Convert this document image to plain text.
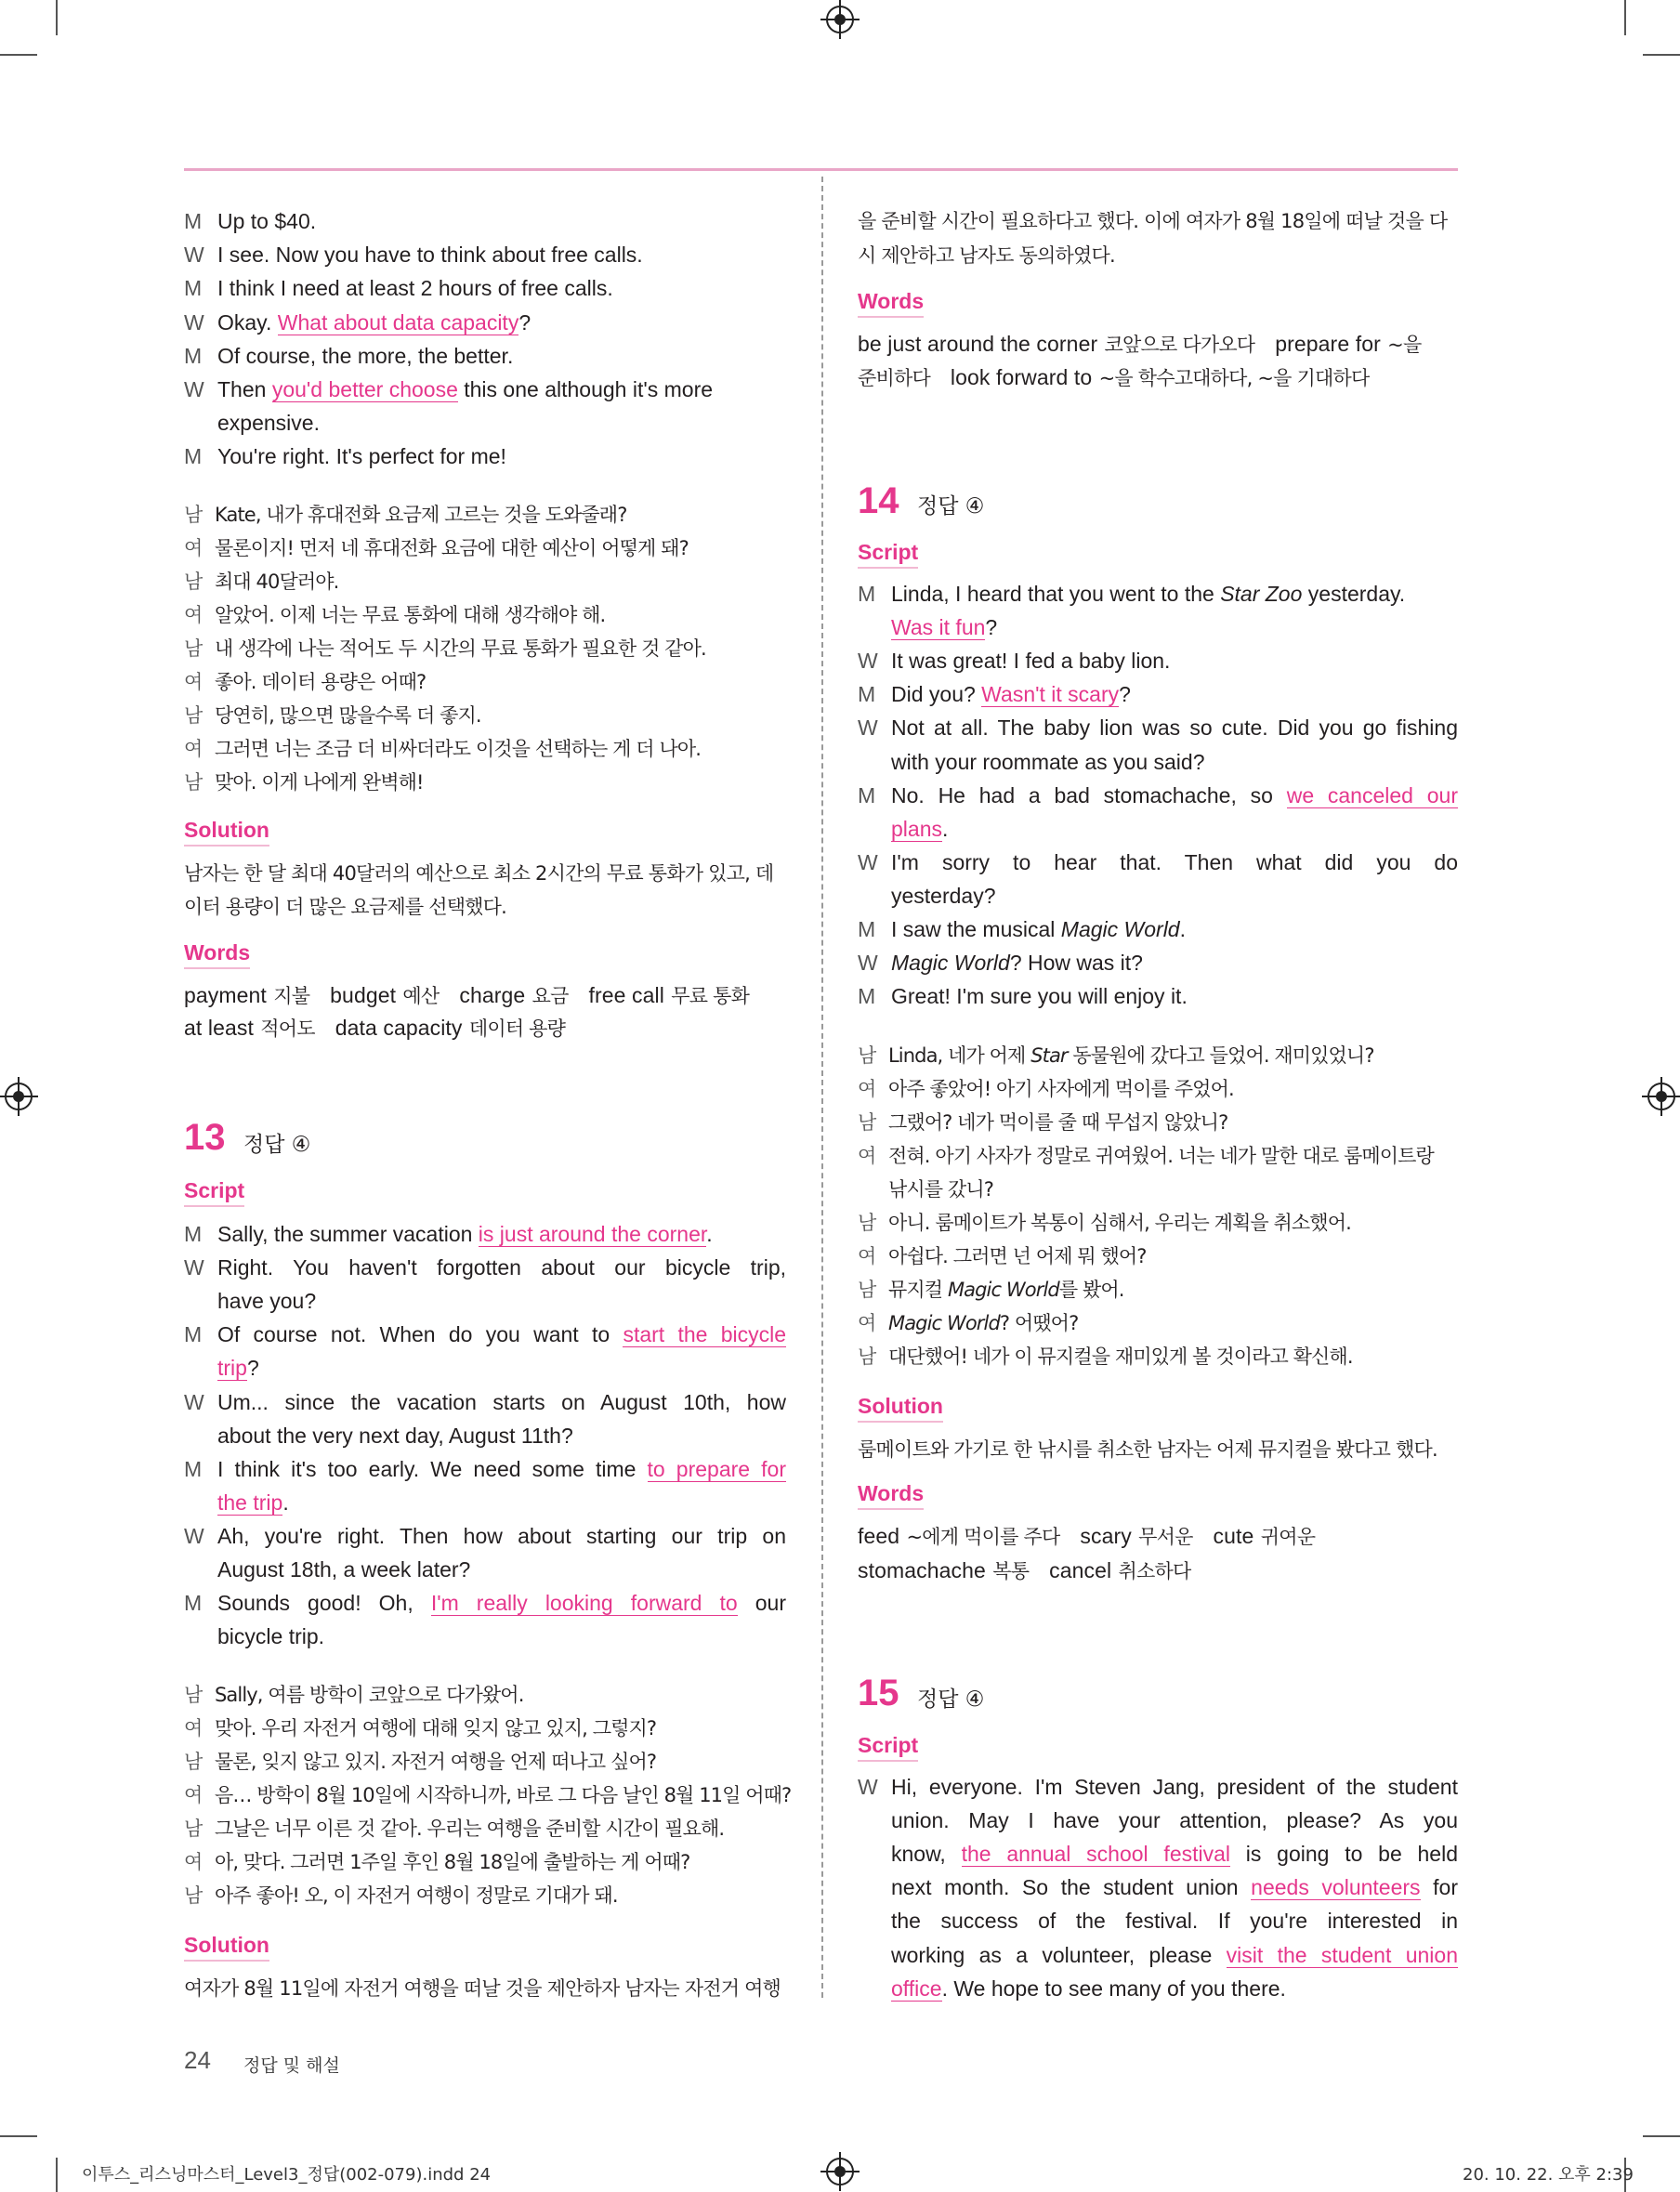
M Up to $40.
W I see. Now you have to think about free calls.
M I think I need at least 2 hours of free calls.
W Okay. What about data capacity?
M Of course, the more, the better.
W Then you'd better choose this one although it's more
expensive.
M You're right. It's perfect for me!
남 Kate, 내가 휴대전화 요금제 고르는 것을 도와줄래?
여 물론이지! 먼저 네 휴대전화 요금에 대한 예산이 어떻게 돼?
남 최대 40달러야.
여 알았어. 이제 너는 무료 통화에 대해 생각해야 해.
남 내 생각에 나는 적어도 두 시간의 무료 통화가 필요한 것 같아.
여 좋아. 데이터 용량은 어때?
남 당연히, 많으면 많을수록 더 좋지.
여 그러면 너는 조금 더 비싸더라도 이것을 선택하는 게 더 나아.
남 맞아. 이게 나에게 완벽해!
Solution
남자는 한 달 최대 40달러의 예산으로 최소 2시간의 무료 통화가 있고, 데
이터 용량이 더 많은 요금제를 선택했다.
Words
payment 지불 budget 예산 charge 요금 free call 무료 통화
at least 적어도 data capacity 데이터 용량
13 정답 ④
Script
M Sally, the summer vacation is just around the corner.
W Right. You haven't forgotten about our bicycle trip,
have you?
M Of course not. When do you want to start the bicycle
trip?
W Um... since the vacation starts on August 10th, how
about the very next day, August 11th?
M I think it's too early. We need some time to prepare for
the trip.
W Ah, you're right. Then how about starting our trip on
August 18th, a week later?
M Sounds good! Oh, I'm really looking forward to our
bicycle trip.
남 Sally, 여름 방학이 코앞으로 다가왔어.
여 맞아. 우리 자전거 여행에 대해 잊지 않고 있지, 그렇지?
남 물론, 잊지 않고 있지. 자전거 여행을 언제 떠나고 싶어?
여 음… 방학이 8월 10일에 시작하니까, 바로 그 다음 날인 8월 11일 어때?
남 그날은 너무 이른 것 같아. 우리는 여행을 준비할 시간이 필요해.
여 아, 맞다. 그러면 1주일 후인 8월 18일에 출발하는 게 어때?
남 아주 좋아! 오, 이 자전거 여행이 정말로 기대가 돼.
Solution
여자가 8월 11일에 자전거 여행을 떠날 것을 제안하자 남자는 자전거 여행
을 준비할 시간이 필요하다고 했다. 이에 여자가 8월 18일에 떠날 것을 다
시 제안하고 남자도 동의하였다.
Words
be just around the corner 코앞으로 다가오다 prepare for ~을
준비하다 look forward to ~을 학수고대하다, ~을 기대하다
14 정답 ④
Script
M Linda, I heard that you went to the Star Zoo yesterday.
Was it fun?
W It was great! I fed a baby lion.
M Did you? Wasn't it scary?
W Not at all. The baby lion was so cute. Did you go fishing
with your roommate as you said?
M No. He had a bad stomachache, so we canceled our
plans.
W I'm sorry to hear that. Then what did you do
yesterday?
M I saw the musical Magic World.
W Magic World? How was it?
M Great! I'm sure you will enjoy it.
남 Linda, 네가 어제 Star 동물원에 갔다고 들었어. 재미있었니?
여 아주 좋았어! 아기 사자에게 먹이를 주었어.
남 그랬어? 네가 먹이를 줄 때 무섭지 않았니?
여 전혀. 아기 사자가 정말로 귀여웠어. 너는 네가 말한 대로 룸메이트랑
낚시를 갔니?
남 아니. 룸메이트가 복통이 심해서, 우리는 계획을 취소했어.
여 아쉽다. 그러면 넌 어제 뭐 했어?
남 뮤지컬 Magic World를 봤어.
여 Magic World? 어땠어?
남 대단했어! 네가 이 뮤지컬을 재미있게 볼 것이라고 확신해.
Solution
룸메이트와 가기로 한 낚시를 취소한 남자는 어제 뮤지컬을 봤다고 했다.
Words
feed ~에게 먹이를 주다 scary 무서운 cute 귀여운
stomachache 복통 cancel 취소하다
15 정답 ④
Script
W Hi, everyone. I'm Steven Jang, president of the student
union. May I have your attention, please? As you
know, the annual school festival is going to be held
next month. So the student union needs volunteers for
the success of the festival. If you're interested in
working as a volunteer, please visit the student union
office. We hope to see many of you there.
24 정답 및 해설
이투스_리스닝마스터_Level3_정답(002-079).indd 24	20. 10. 22. 오후 2:39
